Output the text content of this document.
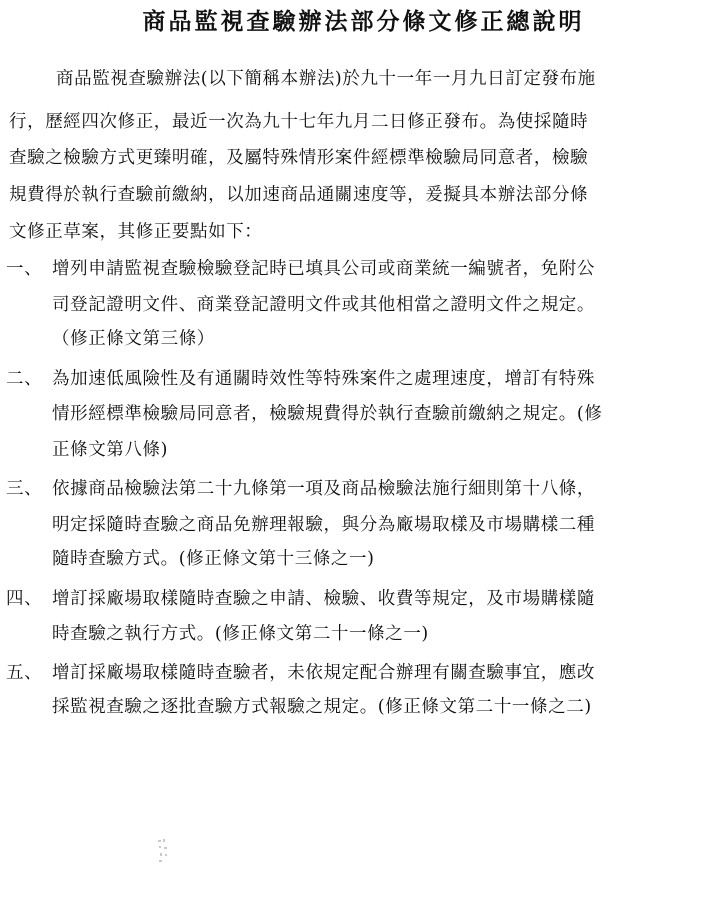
商品監視查驗辦法部分條文修正總說明
商品監視查驗辦法(以下簡稱本辦法)於九十一年一月九日訂定發布施
行，歷經四次修正，最近一次為九十七年九月二日修正發布。為使採隨時
查驗之檢驗方式更臻明確，及屬特殊情形案件經標準檢驗局同意者，檢驗
規費得於執行查驗前繳納，以加速商品通關速度等，爰擬具本辦法部分條
文修正草案，其修正要點如下：
一、 增列申請監視查驗檢驗登記時已填具公司或商業統一編號者，免附公
司登記證明文件、商業登記證明文件或其他相當之證明文件之規定。
（修正條文第三條）
二、 為加速低風險性及有通關時效性等特殊案件之處理速度，增訂有特殊
情形經標準檢驗局同意者，檢驗規費得於執行查驗前繳納之規定。(修
正條文第八條)
三、 依據商品檢驗法第二十九條第一項及商品檢驗法施行細則第十八條，
明定採隨時查驗之商品免辦理報驗，與分為廠場取樣及市場購樣二種
隨時查驗方式。(修正條文第十三條之一)
四、 增訂採廠場取樣隨時查驗之申請、檢驗、收費等規定，及市場購樣隨
時查驗之執行方式。(修正條文第二十一條之一)
五、 增訂採廠場取樣隨時查驗者，未依規定配合辦理有關查驗事宜，應改
採監視查驗之逐批查驗方式報驗之規定。(修正條文第二十一條之二)
